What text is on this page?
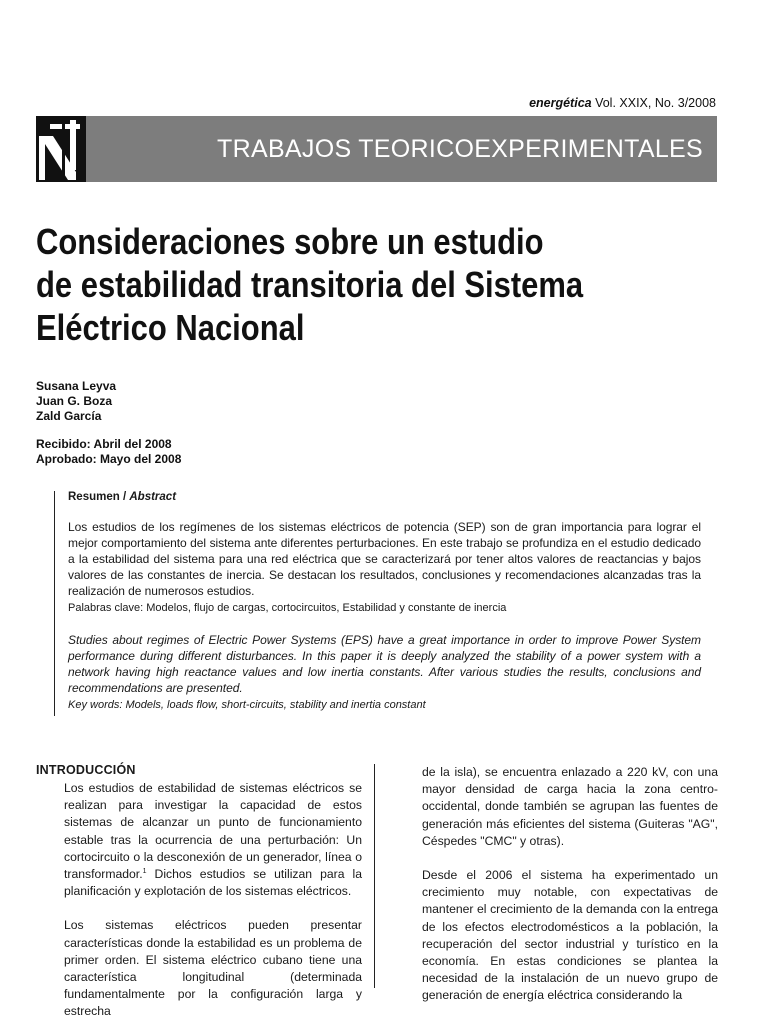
energética Vol. XXIX, No. 3/2008
TRABAJOS TEORICOEXPERIMENTALES
Consideraciones sobre un estudio
de estabilidad transitoria del Sistema
Eléctrico Nacional
Susana Leyva
Juan G. Boza
Zald García
Recibido: Abril del 2008
Aprobado: Mayo del 2008

Resumen / Abstract

Los estudios de los regímenes de los sistemas eléctricos de potencia (SEP) son de gran importancia para lograr el mejor comportamiento del sistema ante diferentes perturbaciones. En este trabajo se profundiza en el estudio dedicado a la estabilidad del sistema para una red eléctrica que se caracterizará por tener altos valores de reactancias y bajos valores de las constantes de inercia. Se destacan los resultados, conclusiones y recomendaciones alcanzadas tras la realización de numerosos estudios.

Palabras clave: Modelos, flujo de cargas, cortocircuitos, Estabilidad y constante de inercia

Studies about regimes of Electric Power Systems (EPS) have a great importance in order to improve Power System performance during different disturbances. In this paper it is deeply analyzed the stability of a power system with a network having high reactance values and low inertia constants. After various studies the results, conclusions and recommendations are presented.

Key words: Models, loads flow, short-circuits, stability and inertia constant

INTRODUCCIÓN

Los estudios de estabilidad de sistemas eléctricos se realizan para investigar la capacidad de estos sistemas de alcanzar un punto de funcionamiento estable tras la ocurrencia de una perturbación: Un cortocircuito o la desconexión de un generador, línea o transformador.$^1$ Dichos estudios se utilizan para la planificación y explotación de los sistemas eléctricos.

Los sistemas eléctricos pueden presentar características donde la estabilidad es un problema de primer orden. El sistema eléctrico cubano tiene una característica longitudinal (determinada fundamentalmente por la configuración larga y estrecha

de la isla), se encuentra enlazado a 220 kV, con una mayor densidad de carga hacia la zona centro-occidental, donde también se agrupan las fuentes de generación más eficientes del sistema (Guiteras "AG", Céspedes "CMC" y otras).

Desde el 2006 el sistema ha experimentado un crecimiento muy notable, con expectativas de mantener el crecimiento de la demanda con la entrega de los efectos electrodomésticos a la población, la recuperación del sector industrial y turístico en la economía. En estas condiciones se plantea la necesidad de la instalación de un nuevo grupo de generación de energía eléctrica considerando la
